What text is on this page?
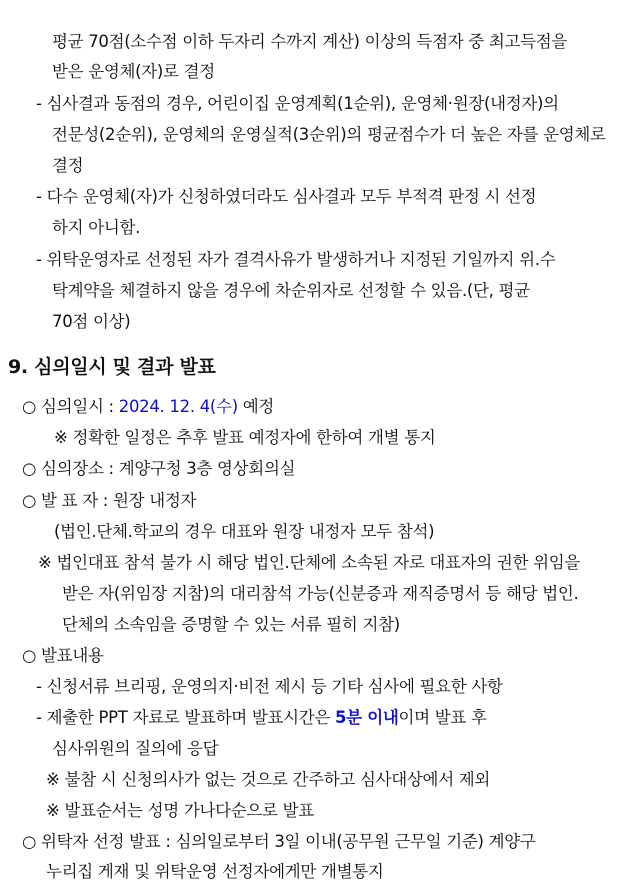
평균 70점(소수점 이하 두자리 수까지 계산) 이상의 득점자 중 최고득점을
받은 운영체(자)로 결정
- 심사결과 동점의 경우, 어린이집 운영계획(1순위), 운영체·원장(내정자)의
전문성(2순위), 운영체의 운영실적(3순위)의 평균점수가 더 높은 자를 운영체로
결정
- 다수 운영체(자)가 신청하였더라도 심사결과 모두 부적격 판정 시 선정
하지 아니함.
- 위탁운영자로 선정된 자가 결격사유가 발생하거나 지정된 기일까지 위.수
탁계약을 체결하지 않을 경우에 차순위자로 선정할 수 있음.(단, 평균
70점 이상)
9. 심의일시 및 결과 발표
○ 심의일시 : 2024. 12. 4(수) 예정
※ 정확한 일정은 추후 발표 예정자에 한하여 개별 통지
○ 심의장소 : 계양구청 3층 영상회의실
○ 발 표 자 : 원장 내정자
(법인.단체.학교의 경우 대표와 원장 내정자 모두 참석)
※ 법인대표 참석 불가 시 해당 법인.단체에 소속된 자로 대표자의 권한 위임을
받은 자(위임장 지참)의 대리참석 가능(신분증과 재직증명서 등 해당 법인.
단체의 소속임을 증명할 수 있는 서류 필히 지참)
○ 발표내용
- 신청서류 브리핑, 운영의지·비전 제시 등 기타 심사에 필요한 사항
- 제출한 PPT 자료로 발표하며 발표시간은 5분 이내이며 발표 후
심사위원의 질의에 응답
※ 불참 시 신청의사가 없는 것으로 간주하고 심사대상에서 제외
※ 발표순서는 성명 가나다순으로 발표
○ 위탁자 선정 발표 : 심의일로부터 3일 이내(공무원 근무일 기준) 계양구
누리집 게재 및 위탁운영 선정자에게만 개별통지
